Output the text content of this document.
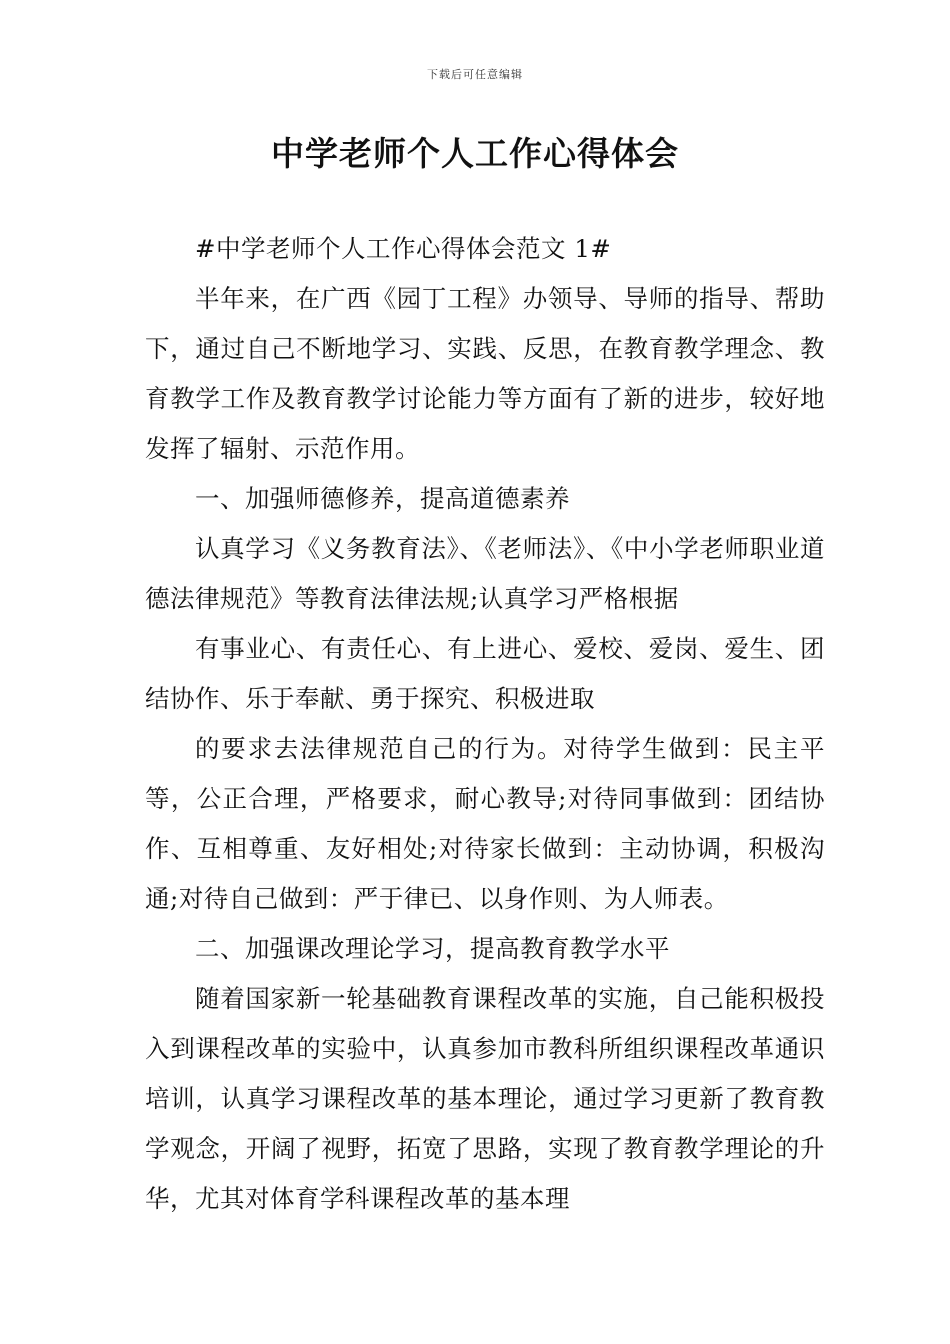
下载后可任意编辑
中学老师个人工作心得体会

#中学老师个人工作心得体会范文 1#

半年来，在广西《园丁工程》办领导、导师的指导、帮助下，通过自己不断地学习、实践、反思，在教育教学理念、教育教学工作及教育教学讨论能力等方面有了新的进步，较好地发挥了辐射、示范作用。

一、加强师德修养，提高道德素养

认真学习《义务教育法》、《老师法》、《中小学老师职业道德法律规范》等教育法律法规;认真学习严格根据

有事业心、有责任心、有上进心、爱校、爱岗、爱生、团结协作、乐于奉献、勇于探究、积极进取

的要求去法律规范自己的行为。对待学生做到：民主平等，公正合理，严格要求，耐心教导;对待同事做到：团结协作、互相尊重、友好相处;对待家长做到：主动协调，积极沟通;对待自己做到：严于律已、以身作则、为人师表。

二、加强课改理论学习，提高教育教学水平

随着国家新一轮基础教育课程改革的实施，自己能积极投入到课程改革的实验中，认真参加市教科所组织课程改革通识培训，认真学习课程改革的基本理论，通过学习更新了教育教学观念，开阔了视野，拓宽了思路，实现了教育教学理论的升华，尤其对体育学科课程改革的基本理
